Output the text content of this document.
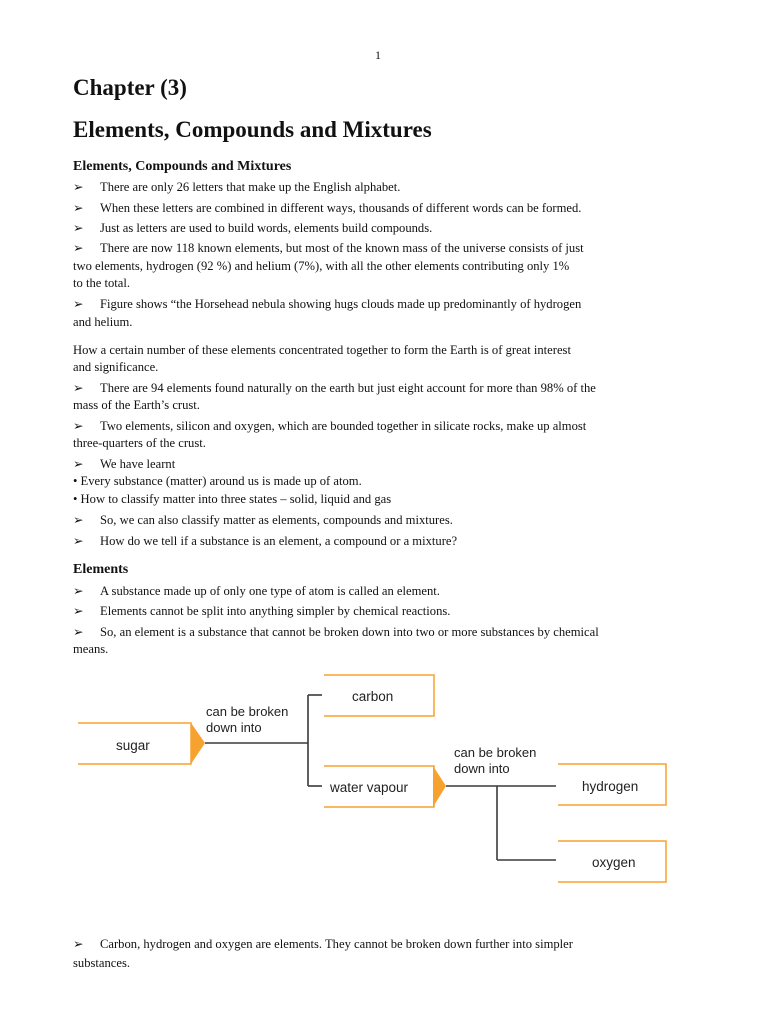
1
Chapter (3)
Elements, Compounds and Mixtures
Elements, Compounds and Mixtures
➢ There are only 26 letters that make up the English alphabet.
➢ When these letters are combined in different ways, thousands of different words can be formed.
➢ Just as letters are used to build words, elements build compounds.
➢ There are now 118 known elements, but most of the known mass of the universe consists of just
two elements, hydrogen (92 %) and helium (7%), with all the other elements contributing only 1%
to the total.
➢ Figure shows “the Horsehead nebula showing hugs clouds made up predominantly of hydrogen
and helium.
How a certain number of these elements concentrated together to form the Earth is of great interest
and significance.
➢ There are 94 elements found naturally on the earth but just eight account for more than 98% of the
mass of the Earth’s crust.
➢ Two elements, silicon and oxygen, which are bounded together in silicate rocks, make up almost
three-quarters of the crust.
➢ We have learnt
• Every substance (matter) around us is made up of atom.
• How to classify matter into three states – solid, liquid and gas
➢ So, we can also classify matter as elements, compounds and mixtures.
➢ How do we tell if a substance is an element, a compound or a mixture?
Elements
➢ A substance made up of only one type of atom is called an element.
➢ Elements cannot be split into anything simpler by chemical reactions.
➢ So, an element is a substance that cannot be broken down into two or more substances by chemical
means.
sugar
can be broken
down into
carbon
water vapour
can be broken
down into
hydrogen
oxygen
➢ Carbon, hydrogen and oxygen are elements. They cannot be broken down further into simpler
substances.
